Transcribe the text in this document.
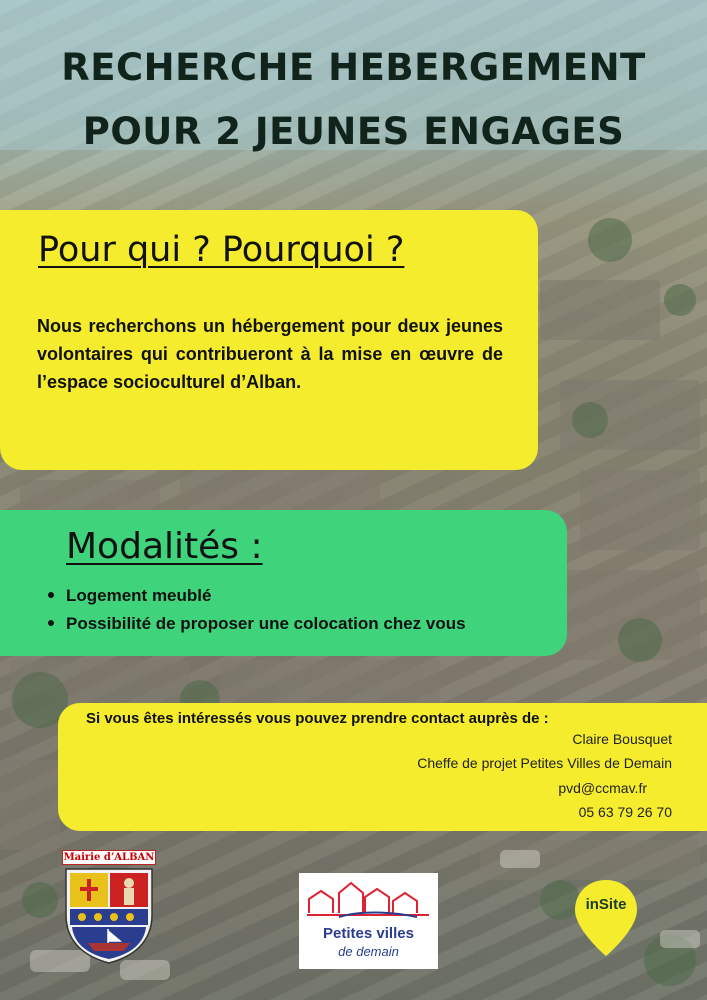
RECHERCHE HEBERGEMENT
POUR 2 JEUNES ENGAGES
Pour qui ? Pourquoi ?
Nous recherchons un hébergement pour deux jeunes volontaires qui contribueront à la mise en œuvre de l’espace socioculturel d’Alban.
Modalités :
Logement meublé
Possibilité de proposer une colocation chez vous
Si vous êtes intéressés vous pouvez prendre contact auprès de :
Claire Bousquet
Cheffe de projet Petites Villes de Demain
pvd@ccmav.fr
05 63 79 26 70
Mairie d’ALBAN
Petites villes
de demain
inSite
